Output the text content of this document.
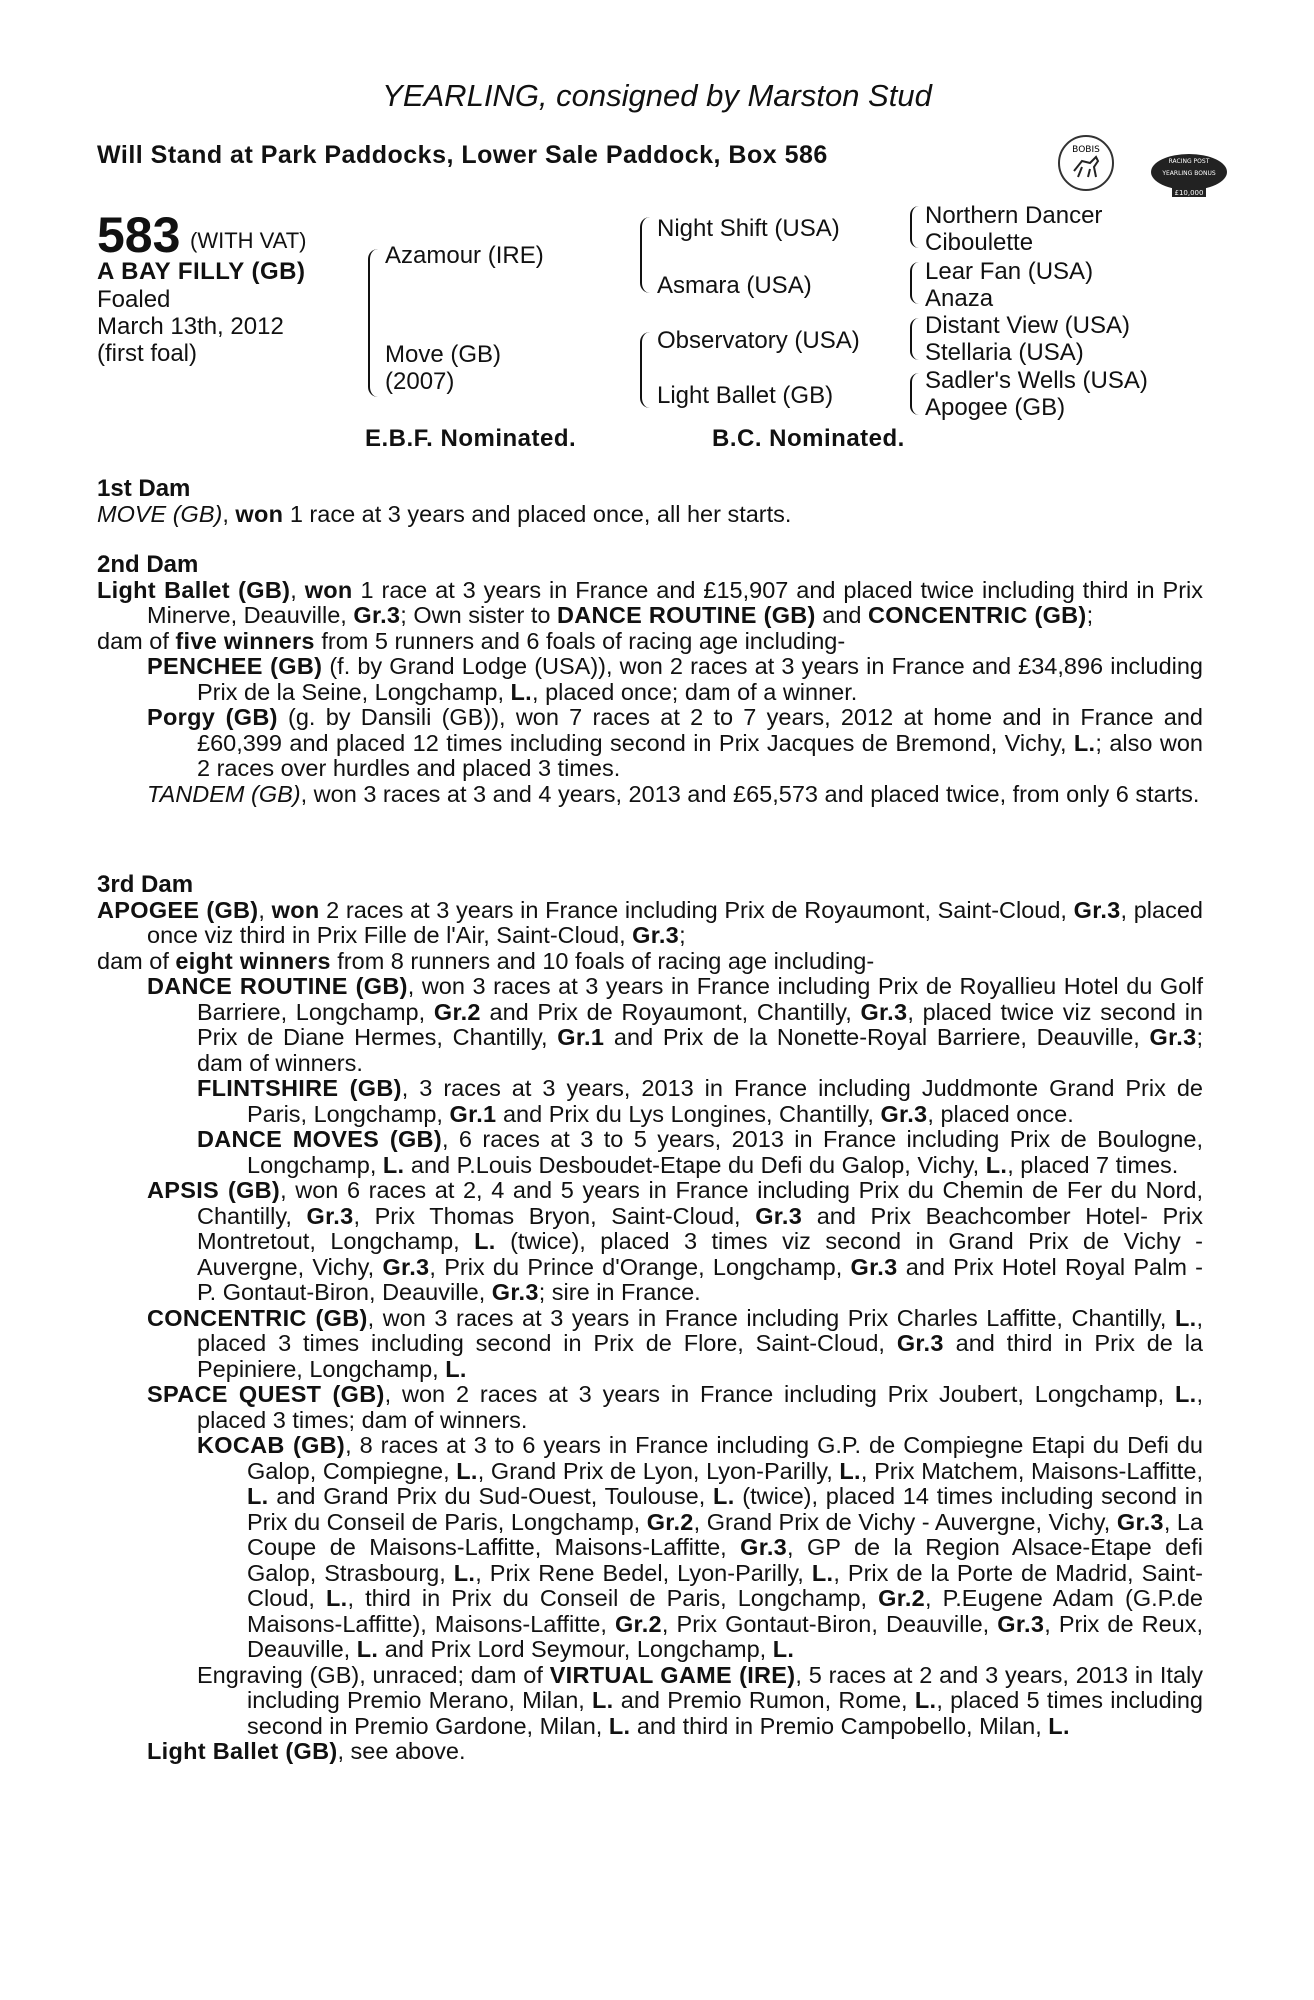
YEARLING, consigned by Marston Stud
Will Stand at Park Paddocks, Lower Sale Paddock, Box 586	BOBIS
RACING POST
YEARLING BONUS
£10,000
583 (WITH VAT)
A BAY FILLY (GB)
Foaled
March 13th, 2012
(first foal)
Azamour (IRE)
Move (GB)
(2007)
Night Shift (USA)
Asmara (USA)
Observatory (USA)
Light Ballet (GB)
Northern Dancer
Ciboulette
Lear Fan (USA)
Anaza
Distant View (USA)
Stellaria (USA)
Sadler's Wells (USA)
Apogee (GB)
E.B.F. Nominated.	B.C. Nominated.

1st Dam

MOVE (GB), won 1 race at 3 years and placed once, all her starts.

2nd Dam

Light Ballet (GB), won 1 race at 3 years in France and £15,907 and placed twice including third in Prix Minerve, Deauville, Gr.3; Own sister to DANCE ROUTINE (GB) and CONCENTRIC (GB);

dam of five winners from 5 runners and 6 foals of racing age including-

PENCHEE (GB) (f. by Grand Lodge (USA)), won 2 races at 3 years in France and £34,896 including Prix de la Seine, Longchamp, L., placed once; dam of a winner.

Porgy (GB) (g. by Dansili (GB)), won 7 races at 2 to 7 years, 2012 at home and in France and £60,399 and placed 12 times including second in Prix Jacques de Bremond, Vichy, L.; also won 2 races over hurdles and placed 3 times.

TANDEM (GB), won 3 races at 3 and 4 years, 2013 and £65,573 and placed twice, from only 6 starts.

3rd Dam

APOGEE (GB), won 2 races at 3 years in France including Prix de Royaumont, Saint-Cloud, Gr.3, placed once viz third in Prix Fille de l'Air, Saint-Cloud, Gr.3;

dam of eight winners from 8 runners and 10 foals of racing age including-

DANCE ROUTINE (GB), won 3 races at 3 years in France including Prix de Royallieu Hotel du Golf Barriere, Longchamp, Gr.2 and Prix de Royaumont, Chantilly, Gr.3, placed twice viz second in Prix de Diane Hermes, Chantilly, Gr.1 and Prix de la Nonette-Royal Barriere, Deauville, Gr.3; dam of winners.

FLINTSHIRE (GB), 3 races at 3 years, 2013 in France including Juddmonte Grand Prix de Paris, Longchamp, Gr.1 and Prix du Lys Longines, Chantilly, Gr.3, placed once.

DANCE MOVES (GB), 6 races at 3 to 5 years, 2013 in France including Prix de Boulogne, Longchamp, L. and P.Louis Desboudet-Etape du Defi du Galop, Vichy, L., placed 7 times.

APSIS (GB), won 6 races at 2, 4 and 5 years in France including Prix du Chemin de Fer du Nord, Chantilly, Gr.3, Prix Thomas Bryon, Saint-Cloud, Gr.3 and Prix Beachcomber Hotel- Prix Montretout, Longchamp, L. (twice), placed 3 times viz second in Grand Prix de Vichy - Auvergne, Vichy, Gr.3, Prix du Prince d'Orange, Longchamp, Gr.3 and Prix Hotel Royal Palm - P. Gontaut-Biron, Deauville, Gr.3; sire in France.

CONCENTRIC (GB), won 3 races at 3 years in France including Prix Charles Laffitte, Chantilly, L., placed 3 times including second in Prix de Flore, Saint-Cloud, Gr.3 and third in Prix de la Pepiniere, Longchamp, L.

SPACE QUEST (GB), won 2 races at 3 years in France including Prix Joubert, Longchamp, L., placed 3 times; dam of winners.

KOCAB (GB), 8 races at 3 to 6 years in France including G.P. de Compiegne Etapi du Defi du Galop, Compiegne, L., Grand Prix de Lyon, Lyon-Parilly, L., Prix Matchem, Maisons-Laffitte, L. and Grand Prix du Sud-Ouest, Toulouse, L. (twice), placed 14 times including second in Prix du Conseil de Paris, Longchamp, Gr.2, Grand Prix de Vichy - Auvergne, Vichy, Gr.3, La Coupe de Maisons-Laffitte, Maisons-Laffitte, Gr.3, GP de la Region Alsace-Etape defi Galop, Strasbourg, L., Prix Rene Bedel, Lyon-Parilly, L., Prix de la Porte de Madrid, Saint-Cloud, L., third in Prix du Conseil de Paris, Longchamp, Gr.2, P.Eugene Adam (G.P.de Maisons-Laffitte), Maisons-Laffitte, Gr.2, Prix Gontaut-Biron, Deauville, Gr.3, Prix de Reux, Deauville, L. and Prix Lord Seymour, Longchamp, L.

Engraving (GB), unraced; dam of VIRTUAL GAME (IRE), 5 races at 2 and 3 years, 2013 in Italy including Premio Merano, Milan, L. and Premio Rumon, Rome, L., placed 5 times including second in Premio Gardone, Milan, L. and third in Premio Campobello, Milan, L.

Light Ballet (GB), see above.
